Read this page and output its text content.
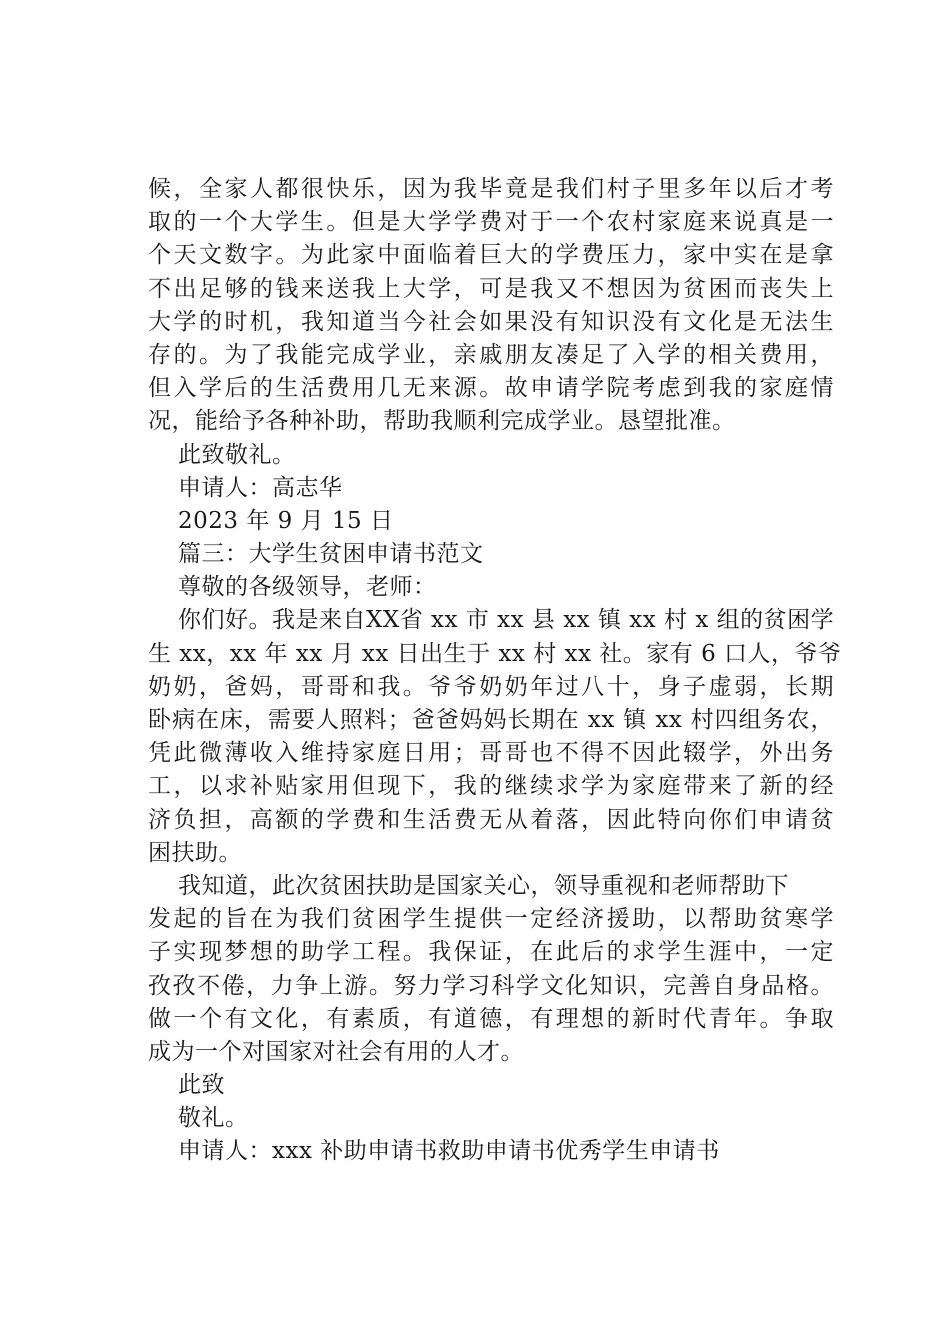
候，全家人都很快乐，因为我毕竟是我们村子里多年以后才考
取的一个大学生。但是大学学费对于一个农村家庭来说真是一
个天文数字。为此家中面临着巨大的学费压力，家中实在是拿
不出足够的钱来送我上大学，可是我又不想因为贫困而丧失上
大学的时机，我知道当今社会如果没有知识没有文化是无法生
存的。为了我能完成学业，亲戚朋友凑足了入学的相关费用，
但入学后的生活费用几无来源。故申请学院考虑到我的家庭情
况，能给予各种补助，帮助我顺利完成学业。恳望批准。
此致敬礼。
申请人：高志华
2023 年 9 月 15 日
篇三：大学生贫困申请书范文
尊敬的各级领导，老师：
你们好。我是来自XX省 xx 市 xx 县 xx 镇 xx 村 x 组的贫困学
生 xx，xx 年 xx 月 xx 日出生于 xx 村 xx 社。家有 6 口人，爷爷
奶奶，爸妈，哥哥和我。爷爷奶奶年过八十，身子虚弱，长期
卧病在床，需要人照料；爸爸妈妈长期在 xx 镇 xx 村四组务农，
凭此微薄收入维持家庭日用；哥哥也不得不因此辍学，外出务
工，以求补贴家用但现下，我的继续求学为家庭带来了新的经
济负担，高额的学费和生活费无从着落，因此特向你们申请贫
困扶助。
我知道，此次贫困扶助是国家关心，领导重视和老师帮助下
发起的旨在为我们贫困学生提供一定经济援助，以帮助贫寒学
子实现梦想的助学工程。我保证，在此后的求学生涯中，一定
孜孜不倦，力争上游。努力学习科学文化知识，完善自身品格。
做一个有文化，有素质，有道德，有理想的新时代青年。争取
成为一个对国家对社会有用的人才。
此致
敬礼。
申请人：xxx 补助申请书救助申请书优秀学生申请书
